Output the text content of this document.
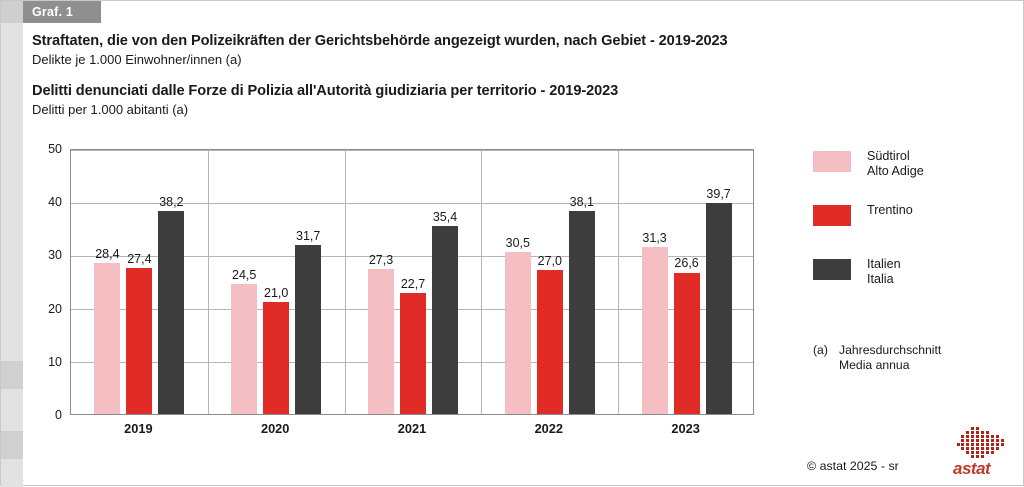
Graf. 1

Straftaten, die von den Polizeikräften der Gerichtsbehörde angezeigt wurden, nach Gebiet - 2019-2023

Delikte je 1.000 Einwohner/innen (a)

Delitti denunciati dalle Forze di Polizia all'Autorità giudiziaria per territorio - 2019-2023

Delitti per 1.000 abitanti (a)

0
10
20
30
40
50
28,4 27,4
38,2
24,5
21,0
31,7
27,3
22,7
35,4
30,5
27,0
38,1
31,3
26,6
39,7
2019	2020	2021	2022	2023
Südtirol
Alto Adige
Trentino
Italien
Italia
(a) Jahresdurchschnitt
Media annua
© astat 2025 - sr	astat
